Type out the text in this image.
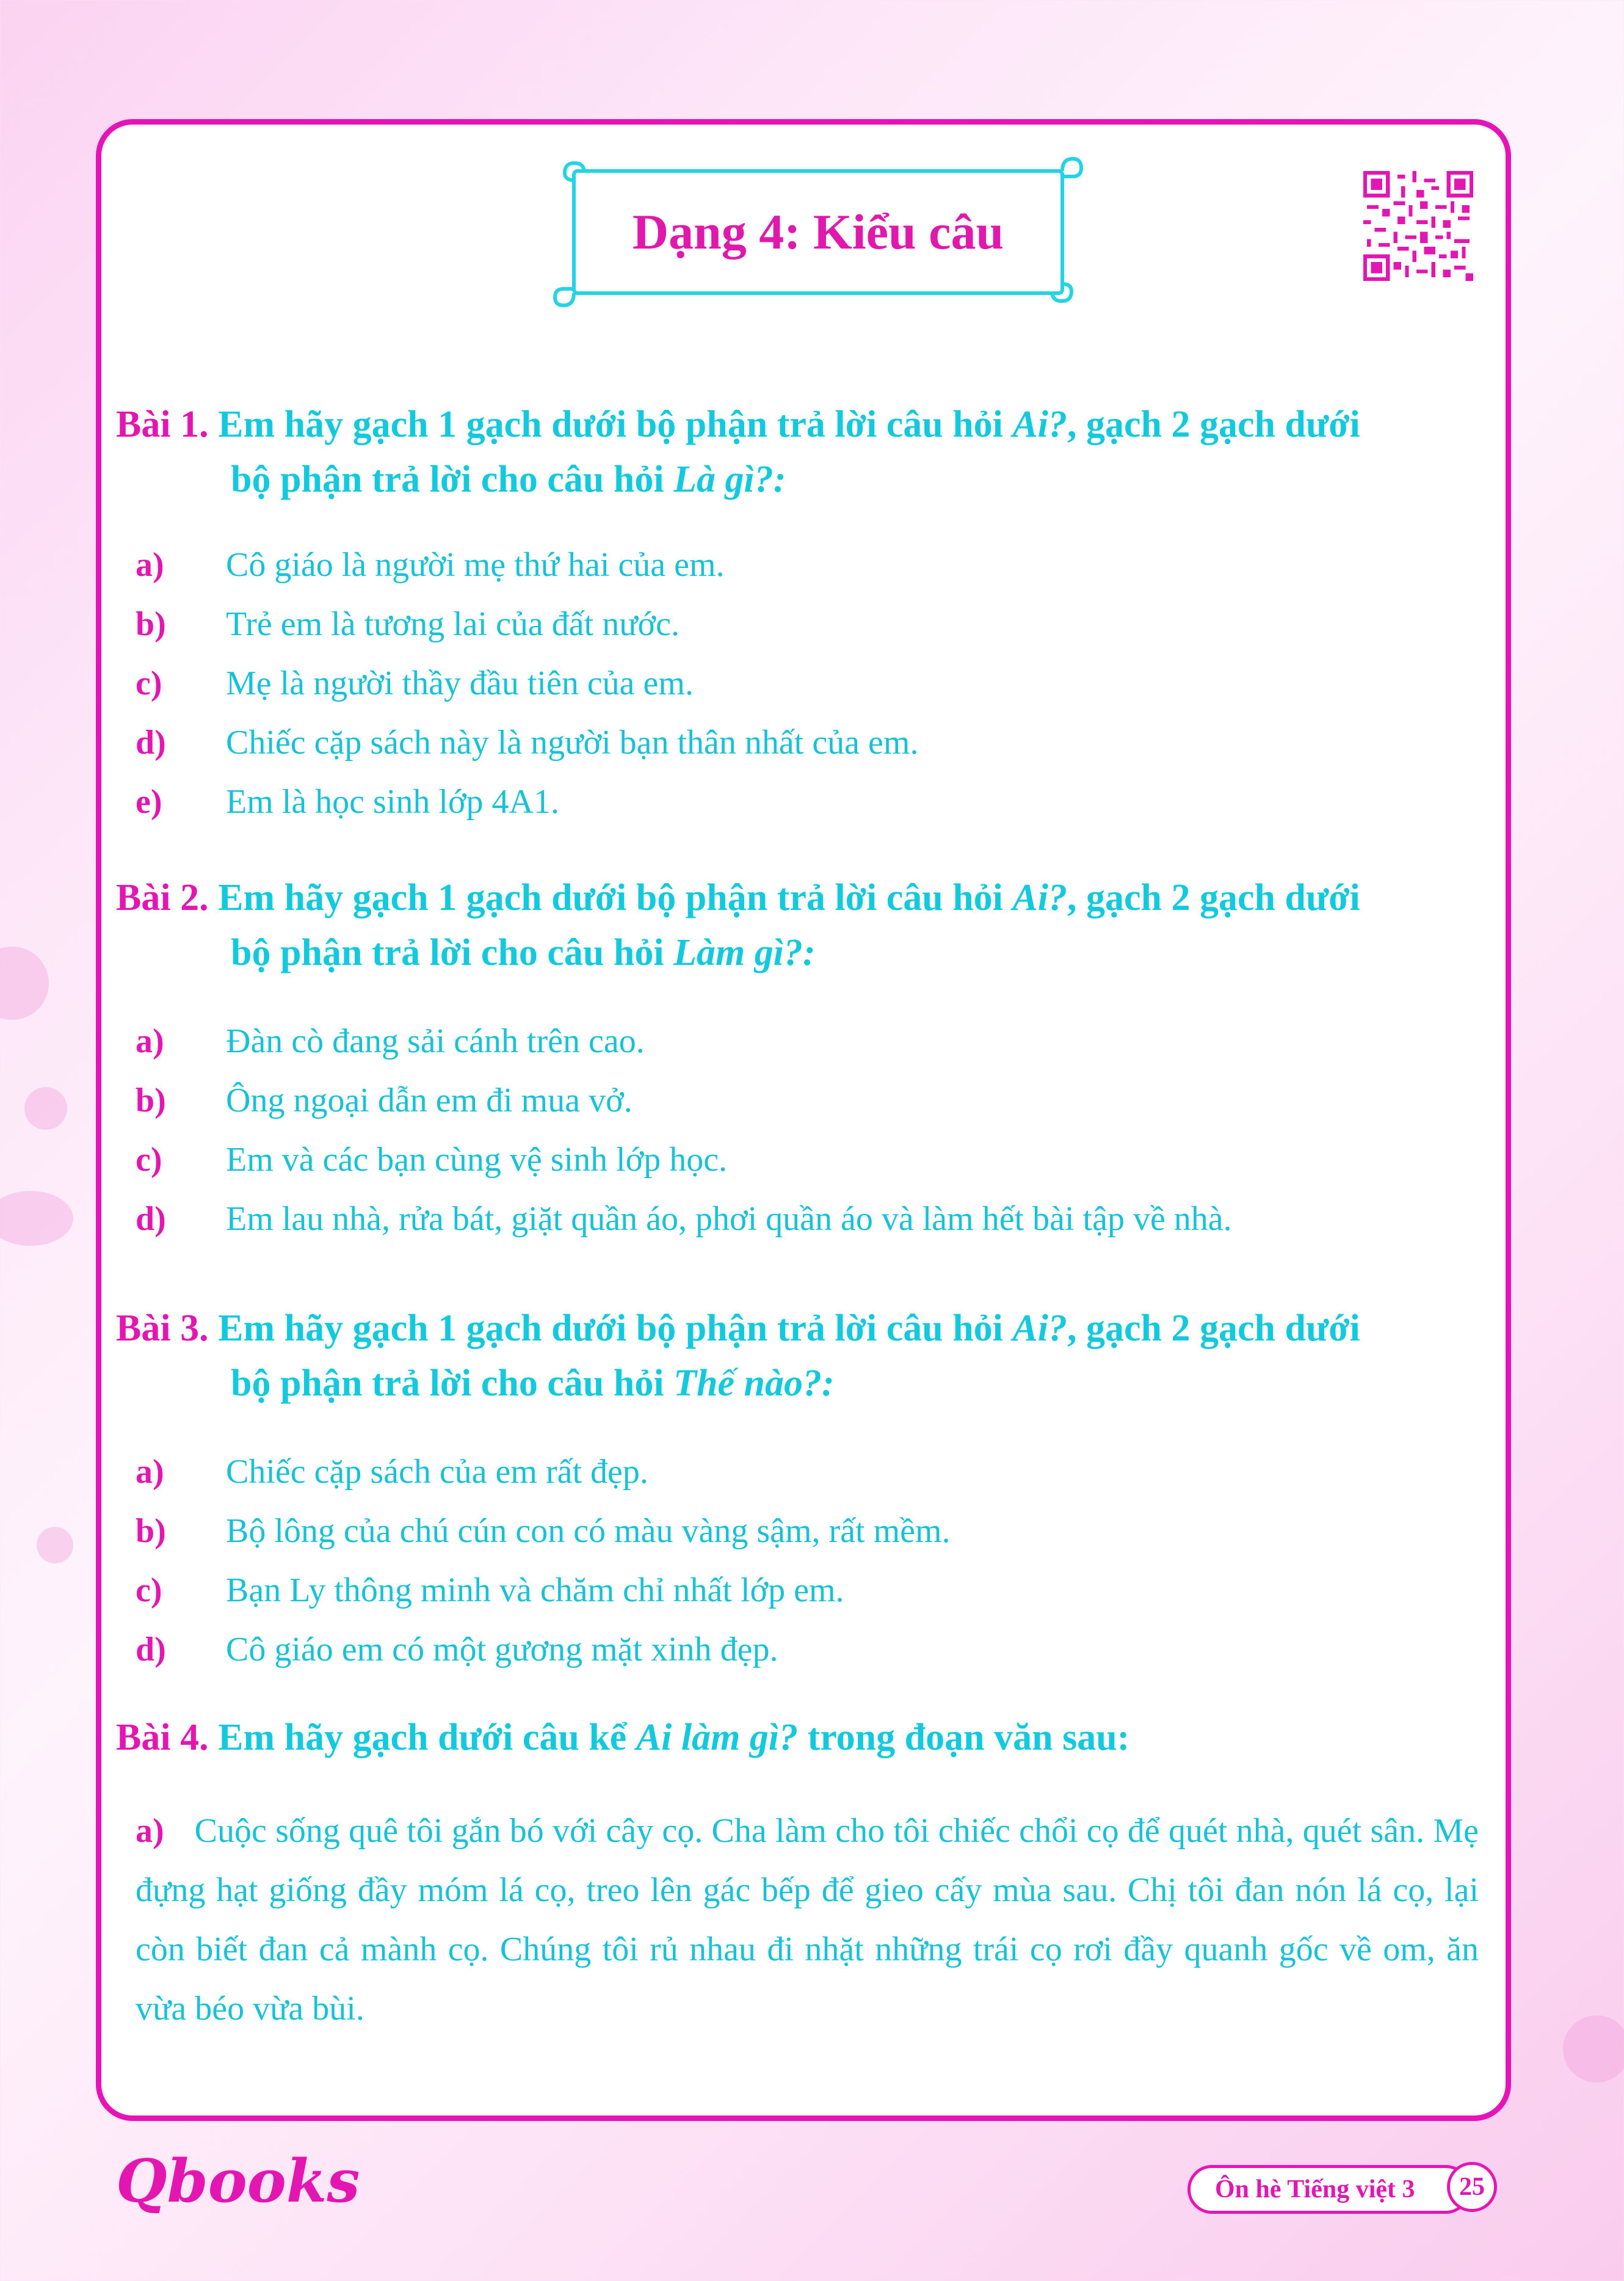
Dạng 4: Kiểu câu
Bài 1. Em hãy gạch 1 gạch dưới bộ phận trả lời câu hỏi Ai?, gạch 2 gạch dưới
bộ phận trả lời cho câu hỏi Là gì?:
a) Cô giáo là người mẹ thứ hai của em.
b) Trẻ em là tương lai của đất nước.
c) Mẹ là người thầy đầu tiên của em.
d) Chiếc cặp sách này là người bạn thân nhất của em.
e) Em là học sinh lớp 4A1.
Bài 2. Em hãy gạch 1 gạch dưới bộ phận trả lời câu hỏi Ai?, gạch 2 gạch dưới
bộ phận trả lời cho câu hỏi Làm gì?:
a) Đàn cò đang sải cánh trên cao.
b) Ông ngoại dẫn em đi mua vở.
c) Em và các bạn cùng vệ sinh lớp học.
d) Em lau nhà, rửa bát, giặt quần áo, phơi quần áo và làm hết bài tập về nhà.
Bài 3. Em hãy gạch 1 gạch dưới bộ phận trả lời câu hỏi Ai?, gạch 2 gạch dưới
bộ phận trả lời cho câu hỏi Thế nào?:
a) Chiếc cặp sách của em rất đẹp.
b) Bộ lông của chú cún con có màu vàng sậm, rất mềm.
c) Bạn Ly thông minh và chăm chỉ nhất lớp em.
d) Cô giáo em có một gương mặt xinh đẹp.
Bài 4. Em hãy gạch dưới câu kể Ai làm gì? trong đoạn văn sau:
a) Cuộc sống quê tôi gắn bó với cây cọ. Cha làm cho tôi chiếc chổi cọ để quét nhà, quét sân. Mẹ đựng hạt giống đầy móm lá cọ, treo lên gác bếp để gieo cấy mùa sau. Chị tôi đan nón lá cọ, lại còn biết đan cả mành cọ. Chúng tôi rủ nhau đi nhặt những trái cọ rơi đầy quanh gốc về om, ăn vừa béo vừa bùi.
Qbooks	Ôn hè Tiếng việt 3	25
